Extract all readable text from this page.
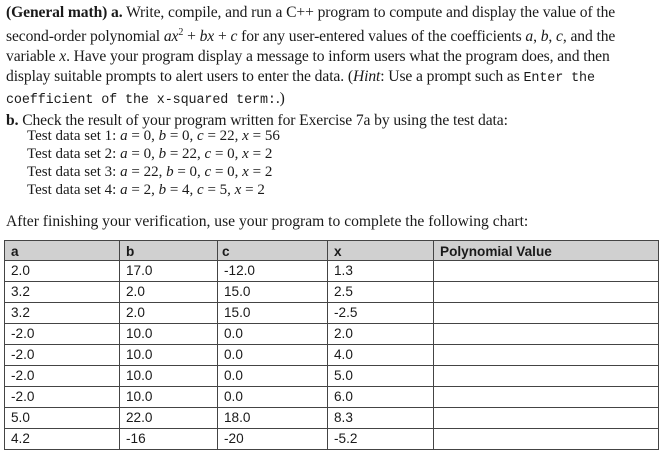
(General math) a. Write, compile, and run a C++ program to compute and display the value of the second-order polynomial $ax^2$ + bx + c for any user-entered values of the coefficients a, b, c, and the variable x. Have your program display a message to inform users what the program does, and then display suitable prompts to alert users to enter the data. (Hint: Use a prompt such as Enter the coefficient of the x-squared term:.)
b. Check the result of your program written for Exercise 7a by using the test data:
Test data set 1: a = 0, b = 0, c = 22, x = 56
Test data set 2: a = 0, b = 22, c = 0, x = 2
Test data set 3: a = 22, b = 0, c = 0, x = 2
Test data set 4: a = 2, b = 4, c = 5, x = 2
After finishing your verification, use your program to complete the following chart:
a	b	c	x	Polynomial Value
2.0	17.0	-12.0	1.3	
3.2	2.0	15.0	2.5	
3.2	2.0	15.0	-2.5	
-2.0	10.0	0.0	2.0	
-2.0	10.0	0.0	4.0	
-2.0	10.0	0.0	5.0	
-2.0	10.0	0.0	6.0	
5.0	22.0	18.0	8.3	
4.2	-16	-20	-5.2	
